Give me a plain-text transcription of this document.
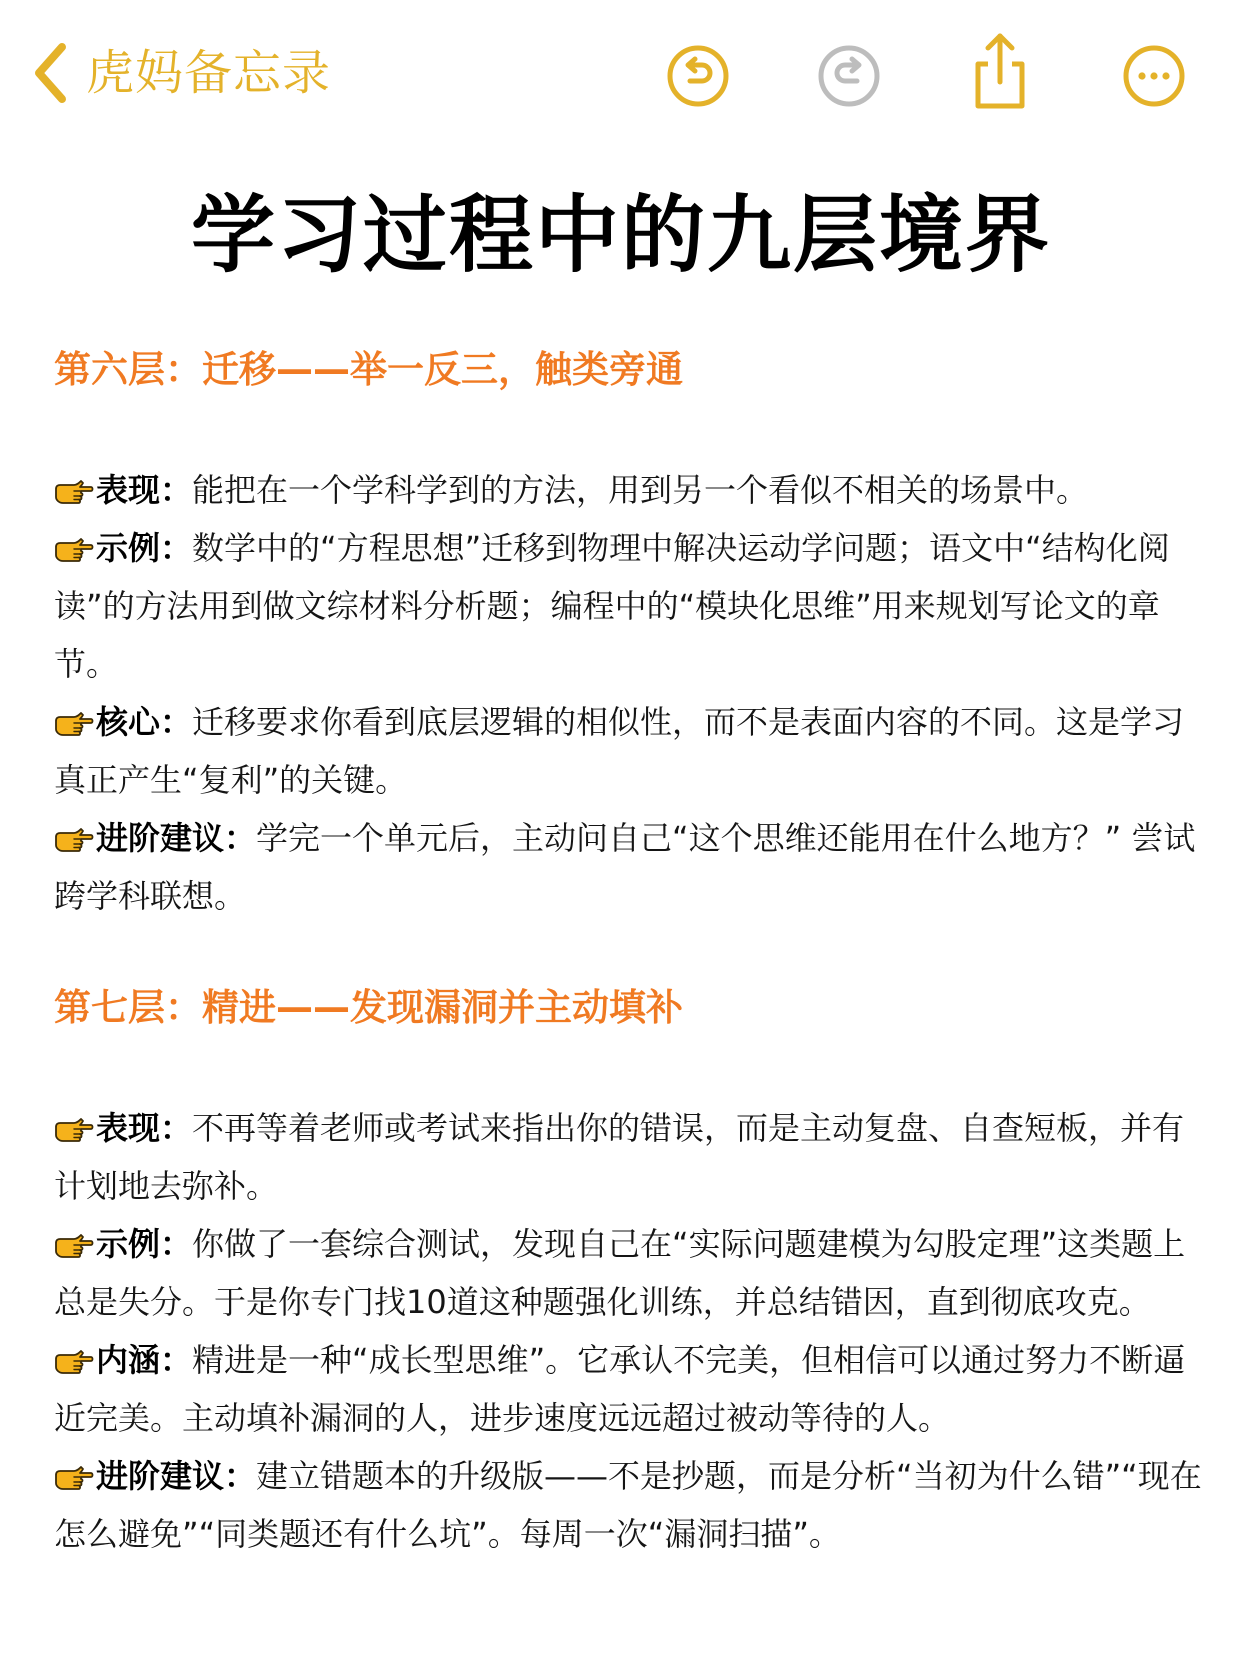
虎妈备忘录
学习过程中的九层境界
第六层：迁移——举一反三，触类旁通

表现：能把在一个学科学到的方法，用到另一个看似不相关的场景中。

示例：数学中的“方程思想”迁移到物理中解决运动学问题；语文中“结构化阅读”的方法用到做文综材料分析题；编程中的“模块化思维”用来规划写论文的章节。

核心：迁移要求你看到底层逻辑的相似性，而不是表面内容的不同。这是学习真正产生“复利”的关键。

进阶建议：学完一个单元后，主动问自己“这个思维还能用在什么地方？” 尝试跨学科联想。

第七层：精进——发现漏洞并主动填补

表现：不再等着老师或考试来指出你的错误，而是主动复盘、自查短板，并有计划地去弥补。

示例：你做了一套综合测试，发现自己在“实际问题建模为勾股定理”这类题上总是失分。于是你专门找10道这种题强化训练，并总结错因，直到彻底攻克。

内涵：精进是一种“成长型思维”。它承认不完美，但相信可以通过努力不断逼近完美。主动填补漏洞的人，进步速度远远超过被动等待的人。

进阶建议：建立错题本的升级版——不是抄题，而是分析“当初为什么错”“现在怎么避免”“同类题还有什么坑”。每周一次“漏洞扫描”。
